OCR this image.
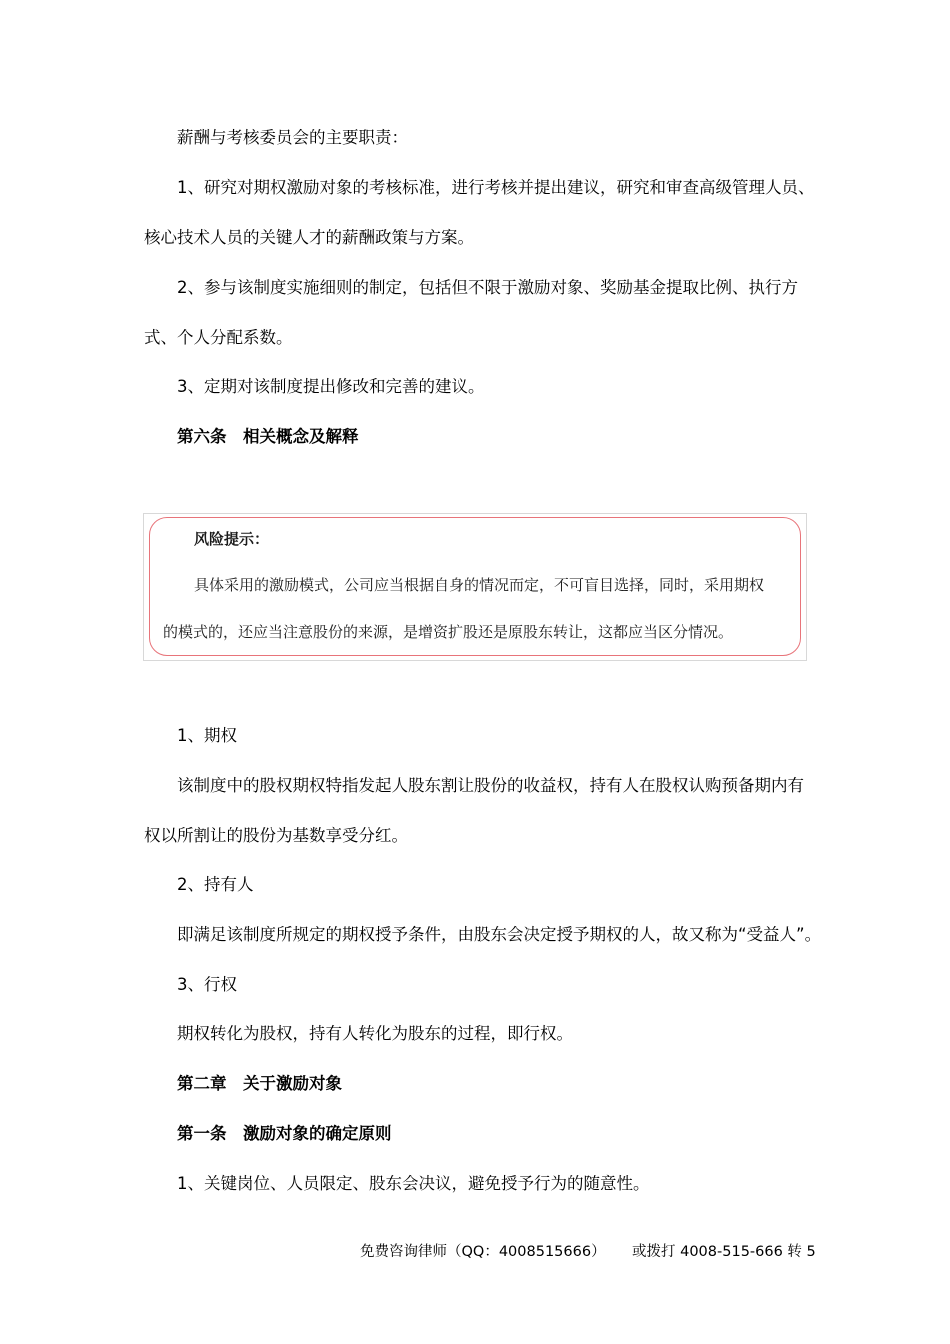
薪酬与考核委员会的主要职责：
1、研究对期权激励对象的考核标准，进行考核并提出建议，研究和审查高级管理人员、
核心技术人员的关键人才的薪酬政策与方案。
2、参与该制度实施细则的制定，包括但不限于激励对象、奖励基金提取比例、执行方
式、个人分配系数。
3、定期对该制度提出修改和完善的建议。
第六条　相关概念及解释
风险提示：
具体采用的激励模式，公司应当根据自身的情况而定，不可盲目选择，同时，采用期权
的模式的，还应当注意股份的来源，是增资扩股还是原股东转让，这都应当区分情况。
1、期权
该制度中的股权期权特指发起人股东割让股份的收益权，持有人在股权认购预备期内有
权以所割让的股份为基数享受分红。
2、持有人
即满足该制度所规定的期权授予条件，由股东会决定授予期权的人，故又称为“受益人”。
3、行权
期权转化为股权，持有人转化为股东的过程，即行权。
第二章　关于激励对象
第一条　激励对象的确定原则
1、关键岗位、人员限定、股东会决议，避免授予行为的随意性。
免费咨询律师（QQ：4008515666） 或拨打 4008-515-666 转 5
